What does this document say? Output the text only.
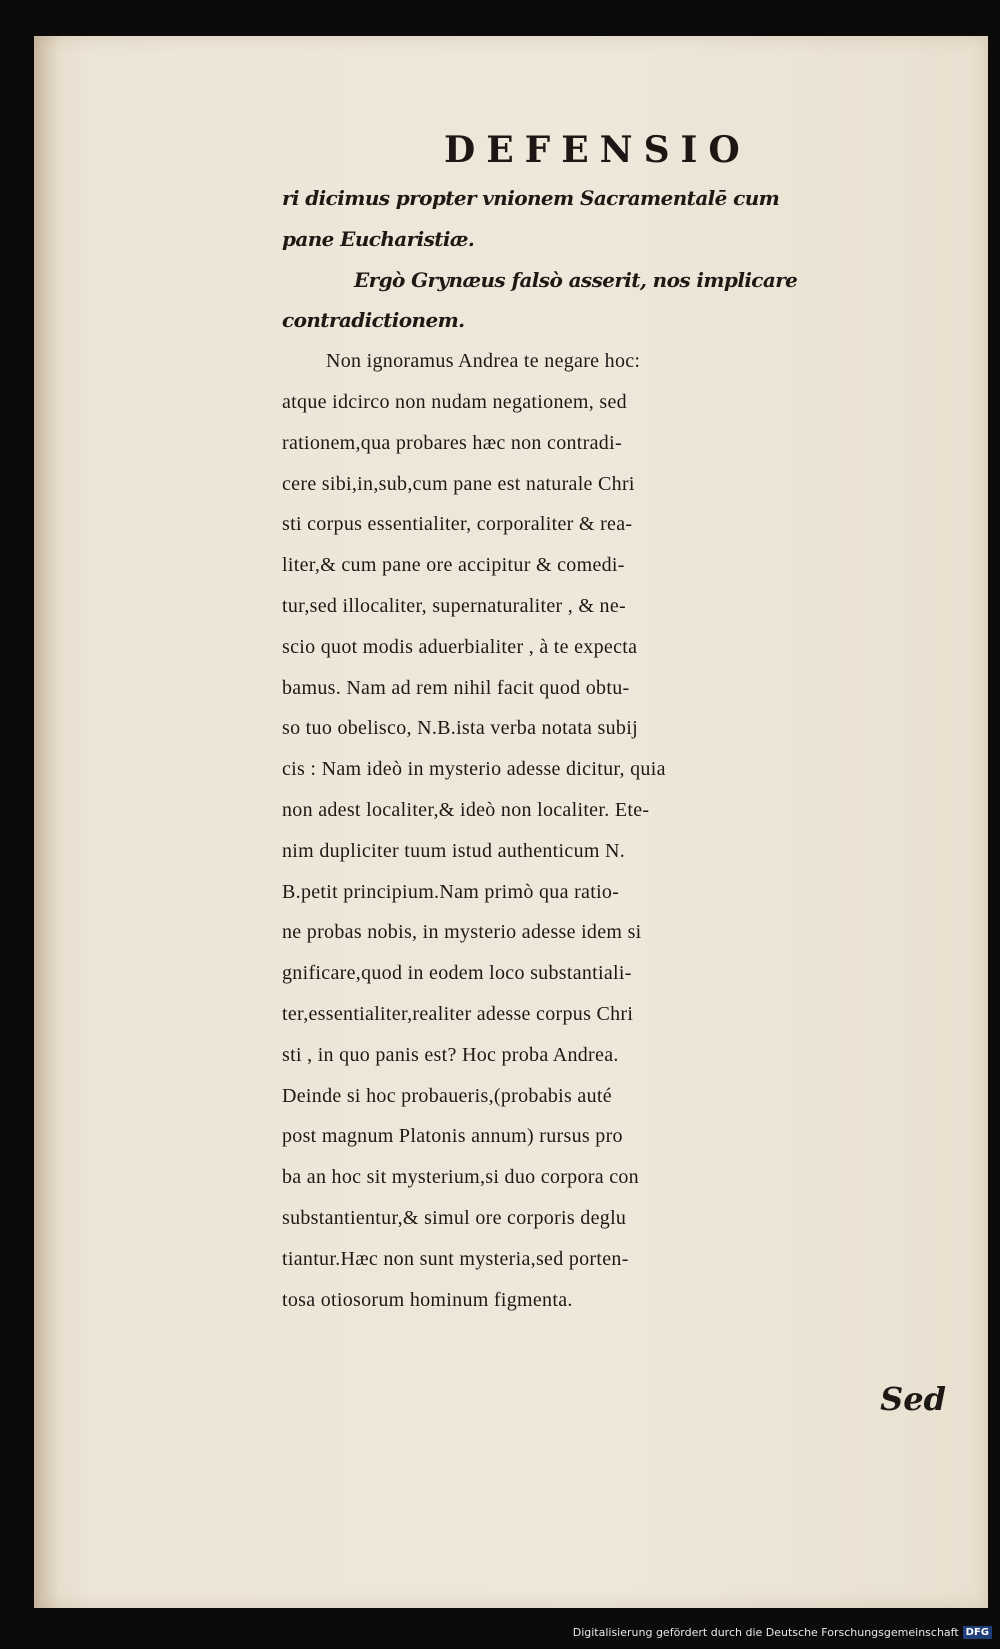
DEFENSIO
ri dicimus propter vnionem Sacramentalē cum
pane Eucharistiæ.
Ergò Grynæus falsò asserit, nos implicare
contradictionem.
Non ignoramus Andrea te negare hoc:
atque idcirco non nudam negationem, sed
rationem,qua probares hæc non contradi-
cere sibi,in,sub,cum pane est naturale Chri
sti corpus essentialiter, corporaliter & rea-
liter,& cum pane ore accipitur & comedi-
tur,sed illocaliter, supernaturaliter , & ne-
scio quot modis aduerbialiter , à te expecta
bamus. Nam ad rem nihil facit quod obtu-
so tuo obelisco, N.B.ista verba notata subij
cis : Nam ideò in mysterio adesse dicitur, quia
non adest localiter,& ideò non localiter. Ete-
nim dupliciter tuum istud authenticum N.
B.petit principium.Nam primò qua ratio-
ne probas nobis, in mysterio adesse idem si
gnificare,quod in eodem loco substantiali-
ter,essentialiter,realiter adesse corpus Chri
sti , in quo panis est? Hoc proba Andrea.
Deinde si hoc probaueris,(probabis auté
post magnum Platonis annum) rursus pro
ba an hoc sit mysterium,si duo corpora con
substantientur,& simul ore corporis deglu
tiantur.Hæc non sunt mysteria,sed porten-
tosa otiosorum hominum figmenta.
Sed
Digitalisierung gefördert durch die Deutsche Forschungsgemeinschaft DFG
